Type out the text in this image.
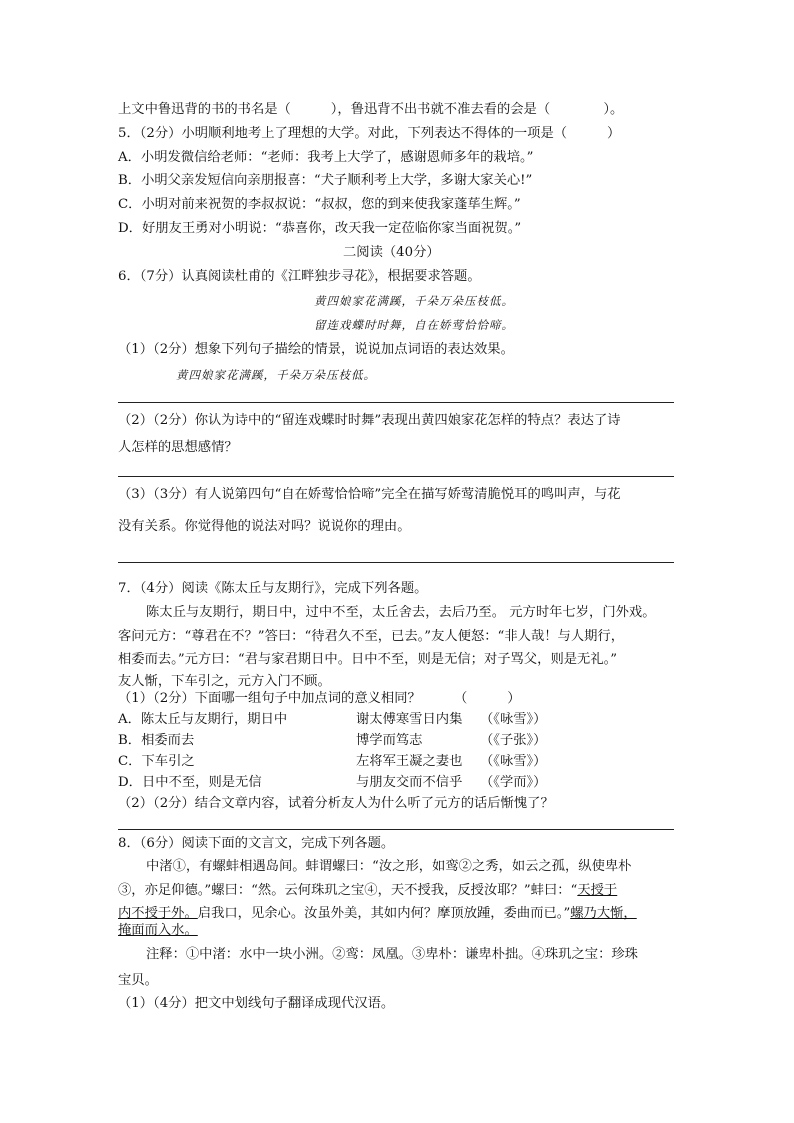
上文中鲁迅背的书的书名是（　　　），鲁迅背不出书就不准去看的会是（　　　　）。
5．（2分）小明顺利地考上了理想的大学。对此，下列表达不得体的一项是（　　　）
A．小明发微信给老师：“老师：我考上大学了，感谢恩师多年的栽培。”
B．小明父亲发短信向亲朋报喜：“犬子顺利考上大学，多谢大家关心!”
C．小明对前来祝贺的李叔叔说：“叔叔，您的到来使我家蓬荜生辉。”
D．好朋友王勇对小明说：“恭喜你，改天我一定莅临你家当面祝贺。”
二阅读（40分）
6．（7分）认真阅读杜甫的《江畔独步寻花》，根据要求答题。
黄四娘家花满蹊，千朵万朵压枝低。
留连戏蝶时时舞，自在娇莺恰恰啼。
（1）（2分）想象下列句子描绘的情景，说说加点词语的表达效果。
黄四娘家花满蹊，千朵万朵压枝低。
（2）（2分）你认为诗中的“留连戏蝶时时舞”表现出黄四娘家花怎样的特点？表达了诗
人怎样的思想感情？
（3）（3分）有人说第四句“自在娇莺恰恰啼”完全在描写娇莺清脆悦耳的鸣叫声，与花
没有关系。你觉得他的说法对吗？说说你的理由。
7．（4分）阅读《陈太丘与友期行》，完成下列各题。
陈太丘与友期行，期日中，过中不至，太丘舍去，去后乃至。 元方时年七岁，门外戏。
客问元方：“尊君在不？”答曰：“待君久不至，已去。”友人便怒：“非人哉！与人期行，
相委而去。”元方曰：“君与家君期日中。日中不至，则是无信；对子骂父，则是无礼。”
友人惭，下车引之，元方入门不顾。
（1）（2分）下面哪一组句子中加点词的意义相同？　　　（　　　）
A．陈太丘与友期行，期日中	谢太傅寒雪日内集 （《咏雪》）
B．相委而去	博学而笃志	（《子张》）
C．下车引之	左将军王凝之妻也 （《咏雪》）
D．日中不至，则是无信	与朋友交而不信乎 （《学而》）
（2）（2分）结合文章内容，试着分析友人为什么听了元方的话后惭愧了？
8．（6分）阅读下面的文言文，完成下列各题。
中渚①，有螺蚌相遇岛间。蚌谓螺曰：“汝之形，如鸾②之秀，如云之孤，纵使卑朴
③，亦足仰德。”螺曰：“然。云何珠玑之宝④，天不授我，反授汝耶？”蚌曰：“天授于
内不授于外。启我口，见余心。汝虽外美，其如内何？摩顶放踵，委曲而已。”螺乃大惭，
掩面而入水。
注释：①中渚：水中一块小洲。②鸾：凤凰。③卑朴：谦卑朴拙。④珠玑之宝：珍珠
宝贝。
（1）（4分）把文中划线句子翻译成现代汉语。
